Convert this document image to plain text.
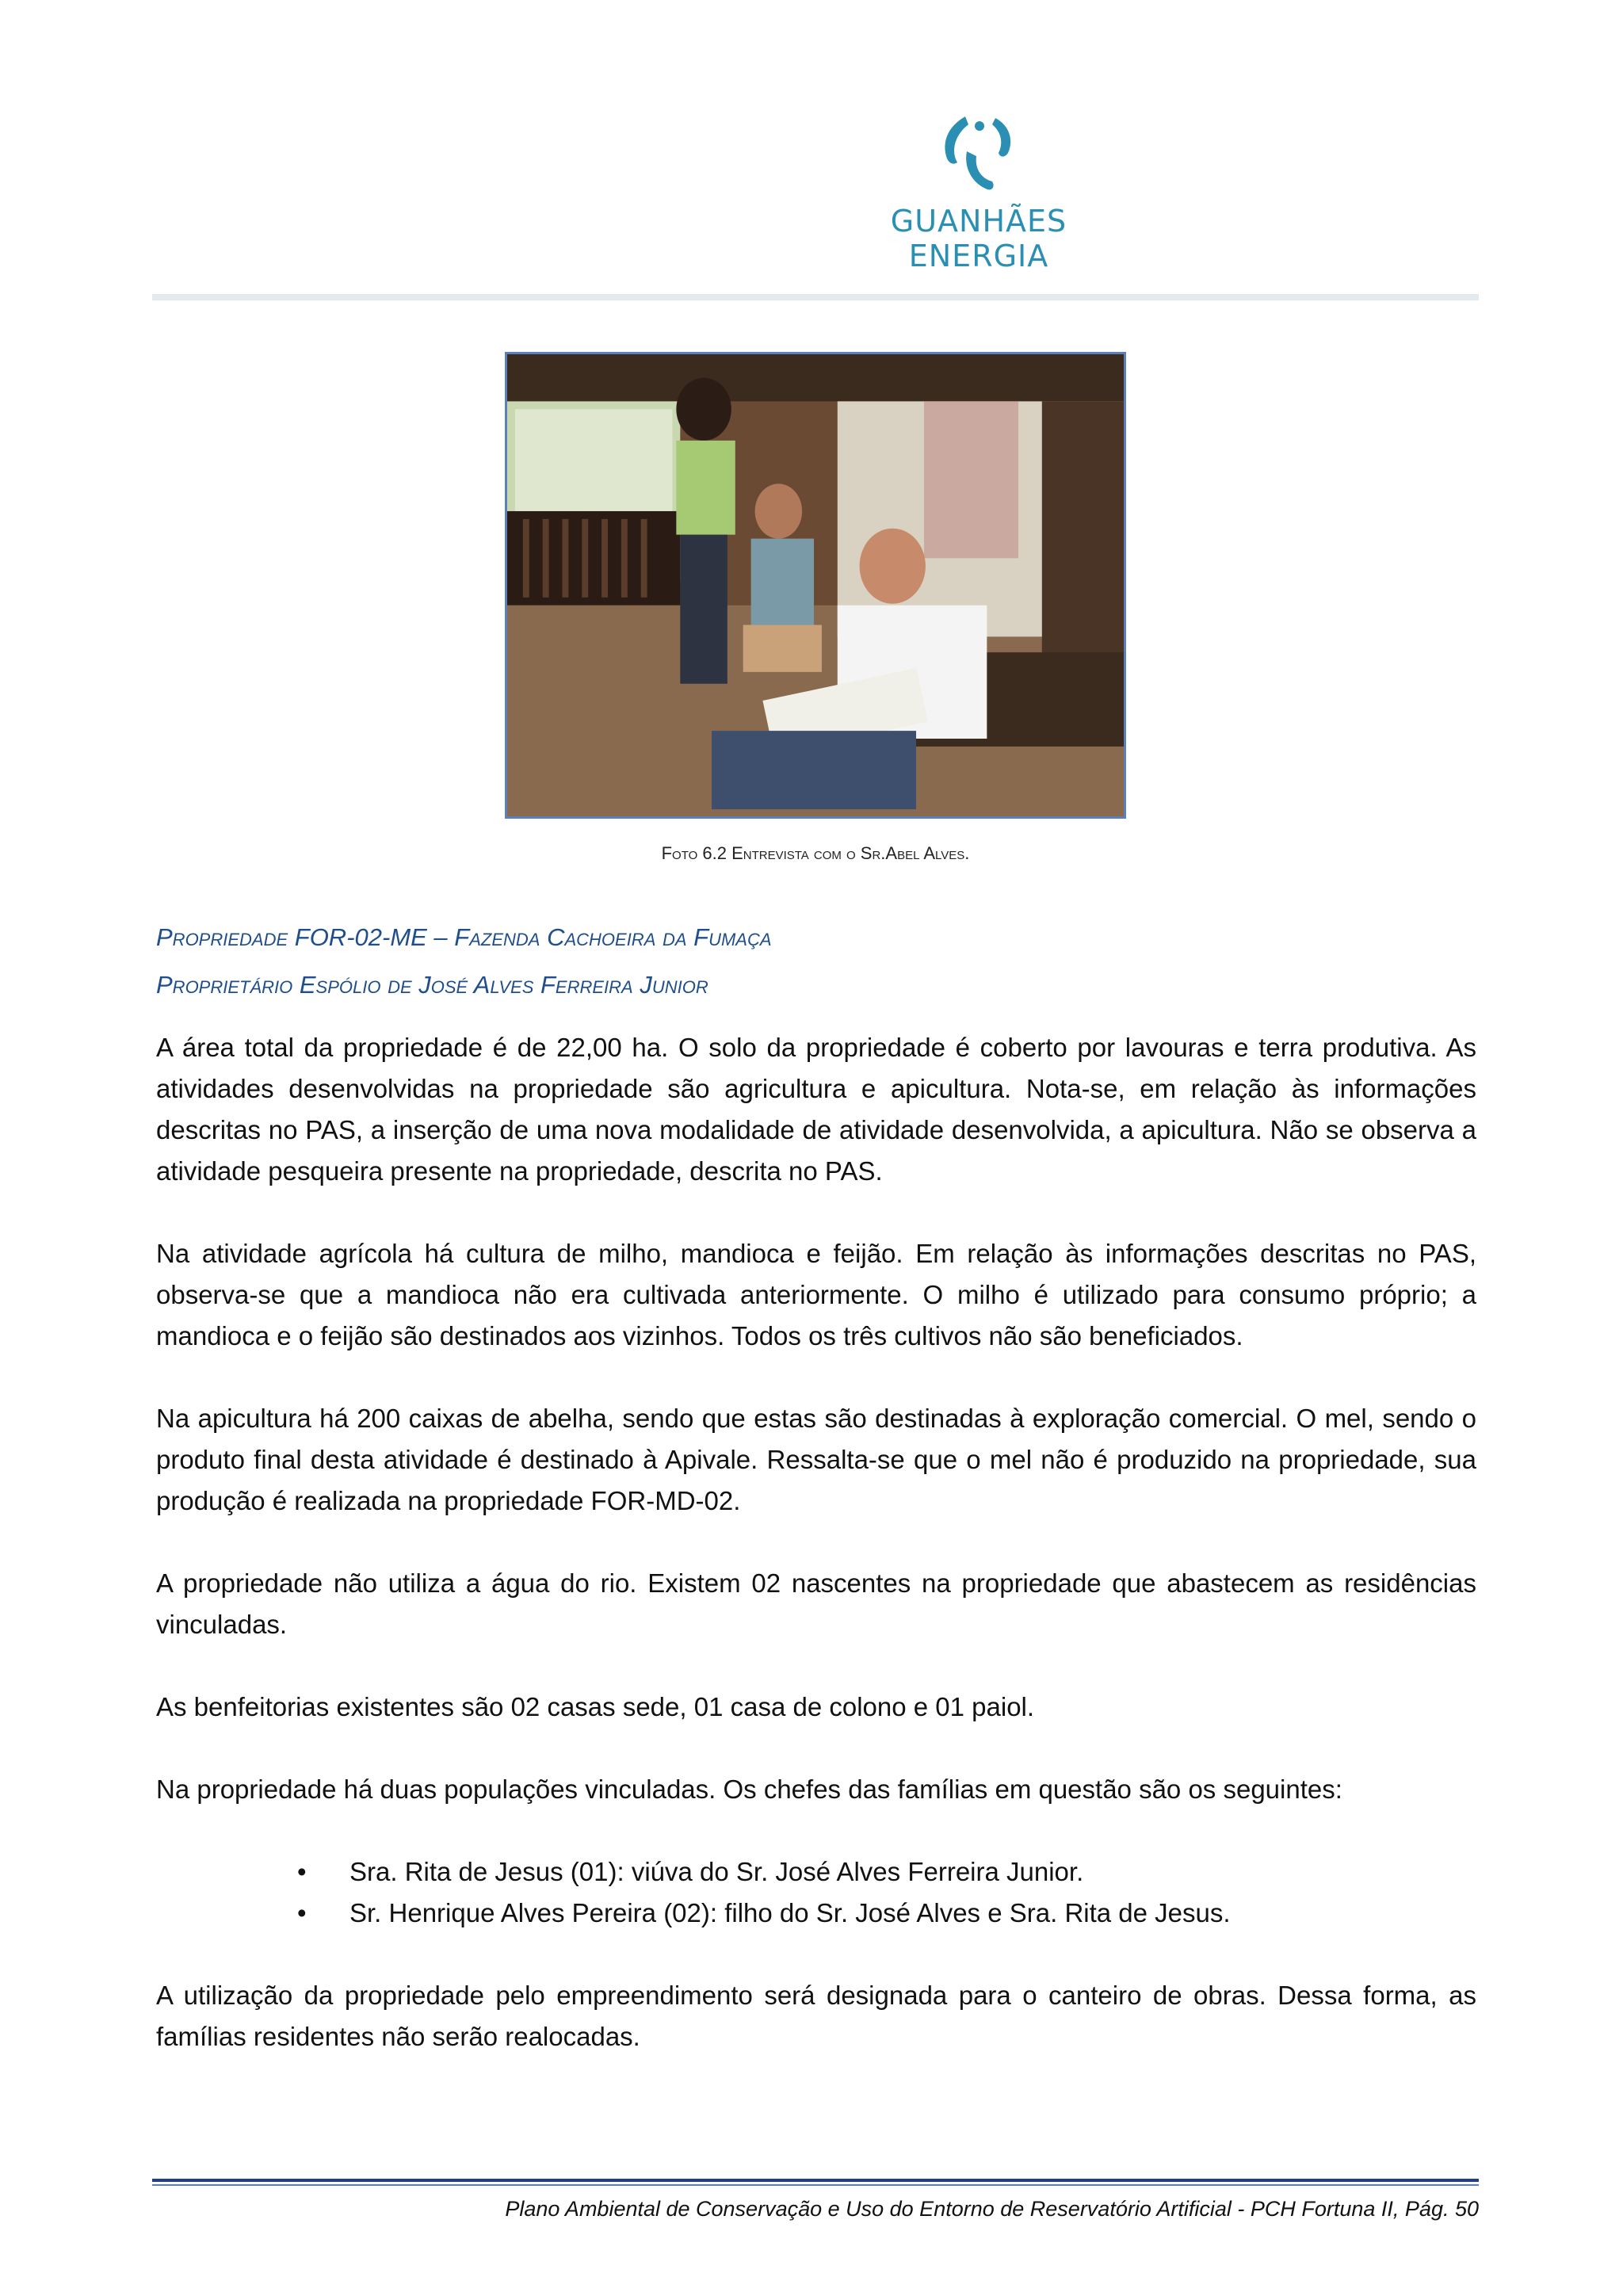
GUANHÃES ENERGIA
Foto 6.2 Entrevista com o Sr.Abel Alves.
Propriedade FOR-02-ME – Fazenda Cachoeira da Fumaça
Proprietário Espólio de José Alves Ferreira Junior

A área total da propriedade é de 22,00 ha. O solo da propriedade é coberto por lavouras e terra produtiva. As atividades desenvolvidas na propriedade são agricultura e apicultura. Nota-se, em relação às informações descritas no PAS, a inserção de uma nova modalidade de atividade desenvolvida, a apicultura. Não se observa a atividade pesqueira presente na propriedade, descrita no PAS.

Na atividade agrícola há cultura de milho, mandioca e feijão. Em relação às informações descritas no PAS, observa-se que a mandioca não era cultivada anteriormente. O milho é utilizado para consumo próprio; a mandioca e o feijão são destinados aos vizinhos. Todos os três cultivos não são beneficiados.

Na apicultura há 200 caixas de abelha, sendo que estas são destinadas à exploração comercial. O mel, sendo o produto final desta atividade é destinado à Apivale. Ressalta-se que o mel não é produzido na propriedade, sua produção é realizada na propriedade FOR-MD-02.

A propriedade não utiliza a água do rio. Existem 02 nascentes na propriedade que abastecem as residências vinculadas.

As benfeitorias existentes são 02 casas sede, 01 casa de colono e 01 paiol.

Na propriedade há duas populações vinculadas. Os chefes das famílias em questão são os seguintes:

• Sra. Rita de Jesus (01): viúva do Sr. José Alves Ferreira Junior.
• Sr. Henrique Alves Pereira (02): filho do Sr. José Alves e Sra. Rita de Jesus.

A utilização da propriedade pelo empreendimento será designada para o canteiro de obras. Dessa forma, as famílias residentes não serão realocadas.

Plano Ambiental de Conservação e Uso do Entorno de Reservatório Artificial - PCH Fortuna II, Pág. 50
